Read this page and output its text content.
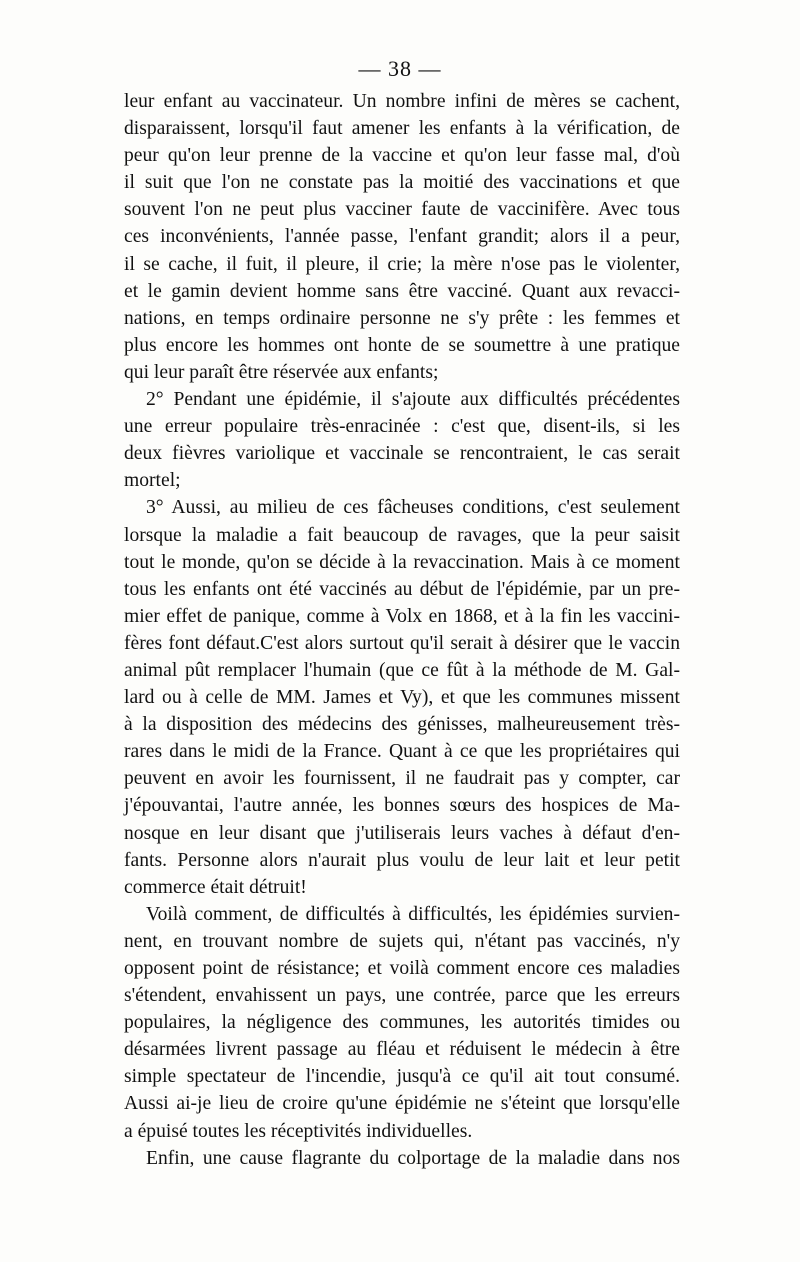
— 38 —
leur enfant au vaccinateur. Un nombre infini de mères se cachent,
disparaissent, lorsqu'il faut amener les enfants à la vérification, de
peur qu'on leur prenne de la vaccine et qu'on leur fasse mal, d'où
il suit que l'on ne constate pas la moitié des vaccinations et que
souvent l'on ne peut plus vacciner faute de vaccinifère. Avec tous
ces inconvénients, l'année passe, l'enfant grandit; alors il a peur,
il se cache, il fuit, il pleure, il crie; la mère n'ose pas le violenter,
et le gamin devient homme sans être vacciné. Quant aux revacci-
nations, en temps ordinaire personne ne s'y prête : les femmes et
plus encore les hommes ont honte de se soumettre à une pratique
qui leur paraît être réservée aux enfants;
2° Pendant une épidémie, il s'ajoute aux difficultés précédentes
une erreur populaire très-enracinée : c'est que, disent-ils, si les
deux fièvres variolique et vaccinale se rencontraient, le cas serait
mortel;
3° Aussi, au milieu de ces fâcheuses conditions, c'est seulement
lorsque la maladie a fait beaucoup de ravages, que la peur saisit
tout le monde, qu'on se décide à la revaccination. Mais à ce moment
tous les enfants ont été vaccinés au début de l'épidémie, par un pre-
mier effet de panique, comme à Volx en 1868, et à la fin les vaccini-
fères font défaut.C'est alors surtout qu'il serait à désirer que le vaccin
animal pût remplacer l'humain (que ce fût à la méthode de M. Gal-
lard ou à celle de MM. James et Vy), et que les communes missent
à la disposition des médecins des génisses, malheureusement très-
rares dans le midi de la France. Quant à ce que les propriétaires qui
peuvent en avoir les fournissent, il ne faudrait pas y compter, car
j'épouvantai, l'autre année, les bonnes sœurs des hospices de Ma-
nosque en leur disant que j'utiliserais leurs vaches à défaut d'en-
fants. Personne alors n'aurait plus voulu de leur lait et leur petit
commerce était détruit!
Voilà comment, de difficultés à difficultés, les épidémies survien-
nent, en trouvant nombre de sujets qui, n'étant pas vaccinés, n'y
opposent point de résistance; et voilà comment encore ces maladies
s'étendent, envahissent un pays, une contrée, parce que les erreurs
populaires, la négligence des communes, les autorités timides ou
désarmées livrent passage au fléau et réduisent le médecin à être
simple spectateur de l'incendie, jusqu'à ce qu'il ait tout consumé.
Aussi ai-je lieu de croire qu'une épidémie ne s'éteint que lorsqu'elle
a épuisé toutes les réceptivités individuelles.
Enfin, une cause flagrante du colportage de la maladie dans nos
